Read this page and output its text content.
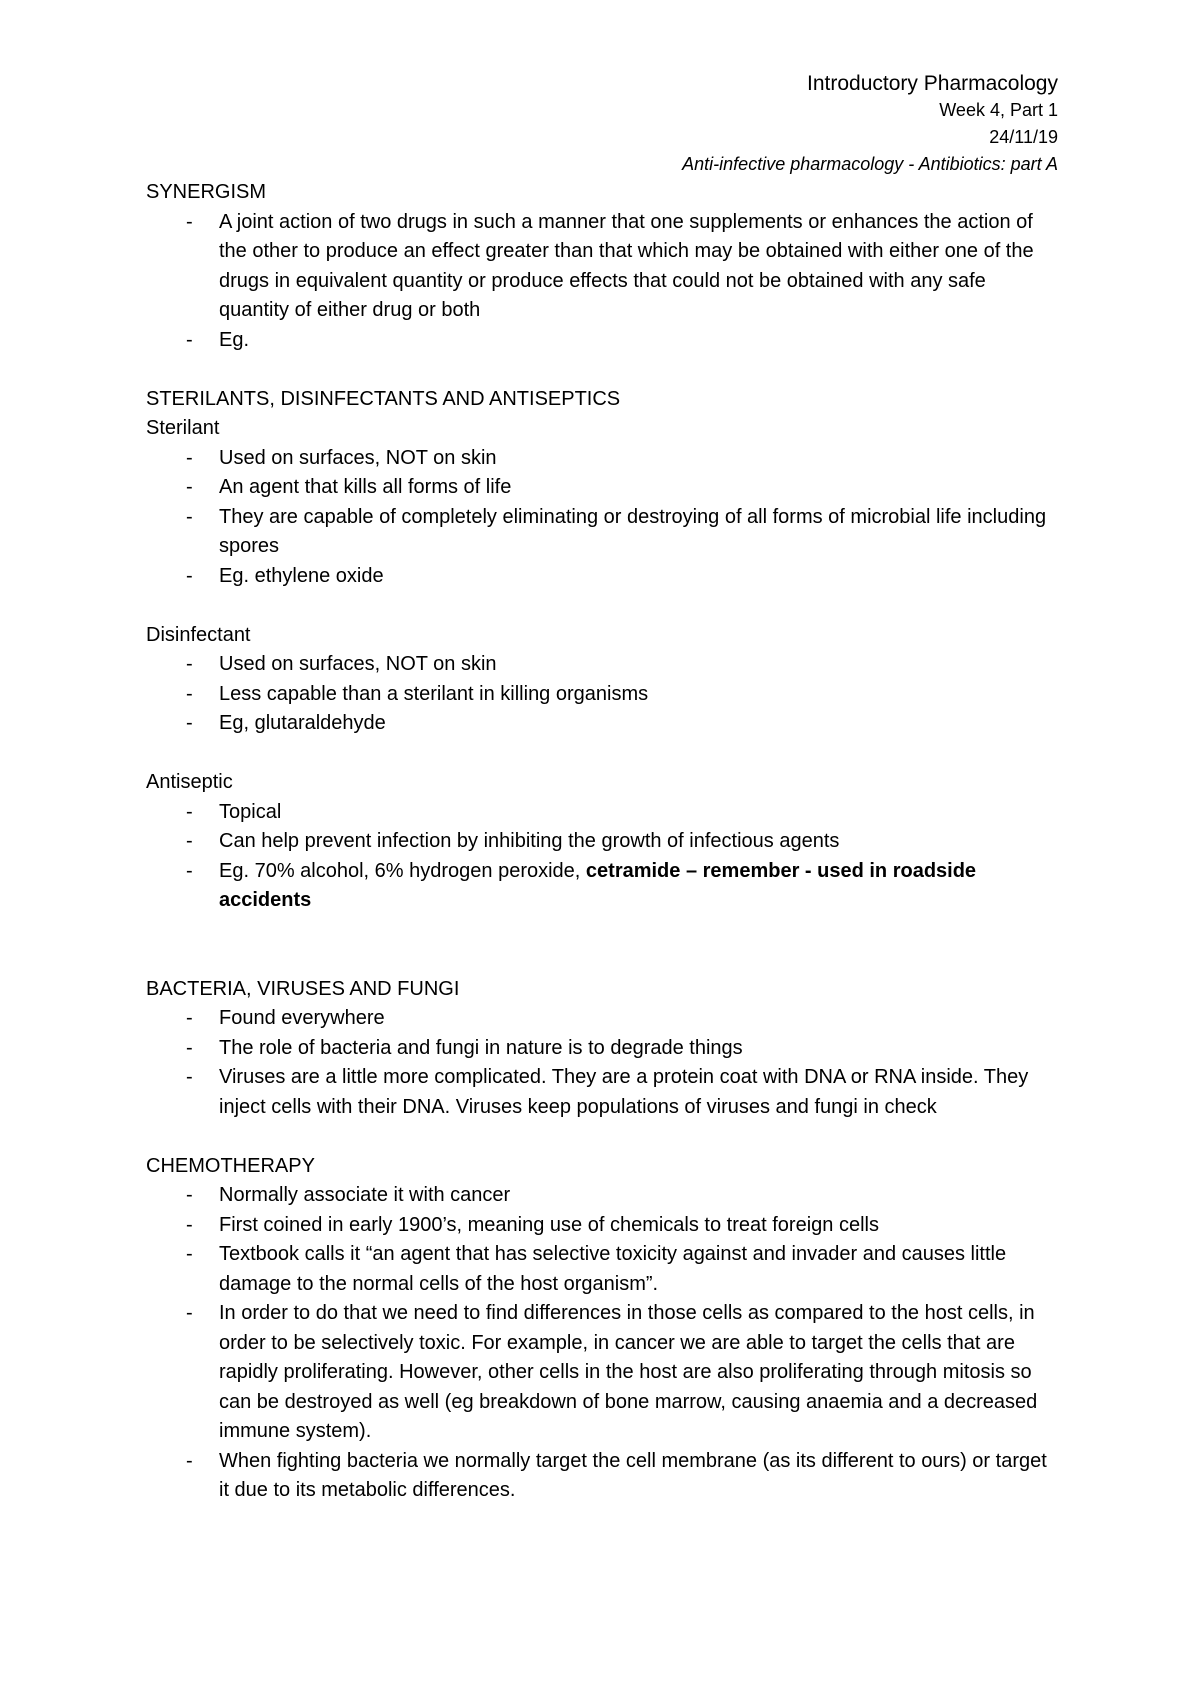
Introductory Pharmacology
Week 4, Part 1
24/11/19
Anti-infective pharmacology - Antibiotics: part A
SYNERGISM
- A joint action of two drugs in such a manner that one supplements or enhances the action of the other to produce an effect greater than that which may be obtained with either one of the drugs in equivalent quantity or produce effects that could not be obtained with any safe quantity of either drug or both
- Eg.
STERILANTS, DISINFECTANTS AND ANTISEPTICS
Sterilant
- Used on surfaces, NOT on skin
- An agent that kills all forms of life
- They are capable of completely eliminating or destroying of all forms of microbial life including spores
- Eg. ethylene oxide
Disinfectant
- Used on surfaces, NOT on skin
- Less capable than a sterilant in killing organisms
- Eg, glutaraldehyde
Antiseptic
- Topical
- Can help prevent infection by inhibiting the growth of infectious agents
- Eg. 70% alcohol, 6% hydrogen peroxide, cetramide – remember - used in roadside accidents
BACTERIA, VIRUSES AND FUNGI
- Found everywhere
- The role of bacteria and fungi in nature is to degrade things
- Viruses are a little more complicated. They are a protein coat with DNA or RNA inside. They inject cells with their DNA. Viruses keep populations of viruses and fungi in check
CHEMOTHERAPY
- Normally associate it with cancer
- First coined in early 1900’s, meaning use of chemicals to treat foreign cells
- Textbook calls it “an agent that has selective toxicity against and invader and causes little damage to the normal cells of the host organism”.
- In order to do that we need to find differences in those cells as compared to the host cells, in order to be selectively toxic. For example, in cancer we are able to target the cells that are rapidly proliferating. However, other cells in the host are also proliferating through mitosis so can be destroyed as well (eg breakdown of bone marrow, causing anaemia and a decreased immune system).
- When fighting bacteria we normally target the cell membrane (as its different to ours) or target it due to its metabolic differences.
